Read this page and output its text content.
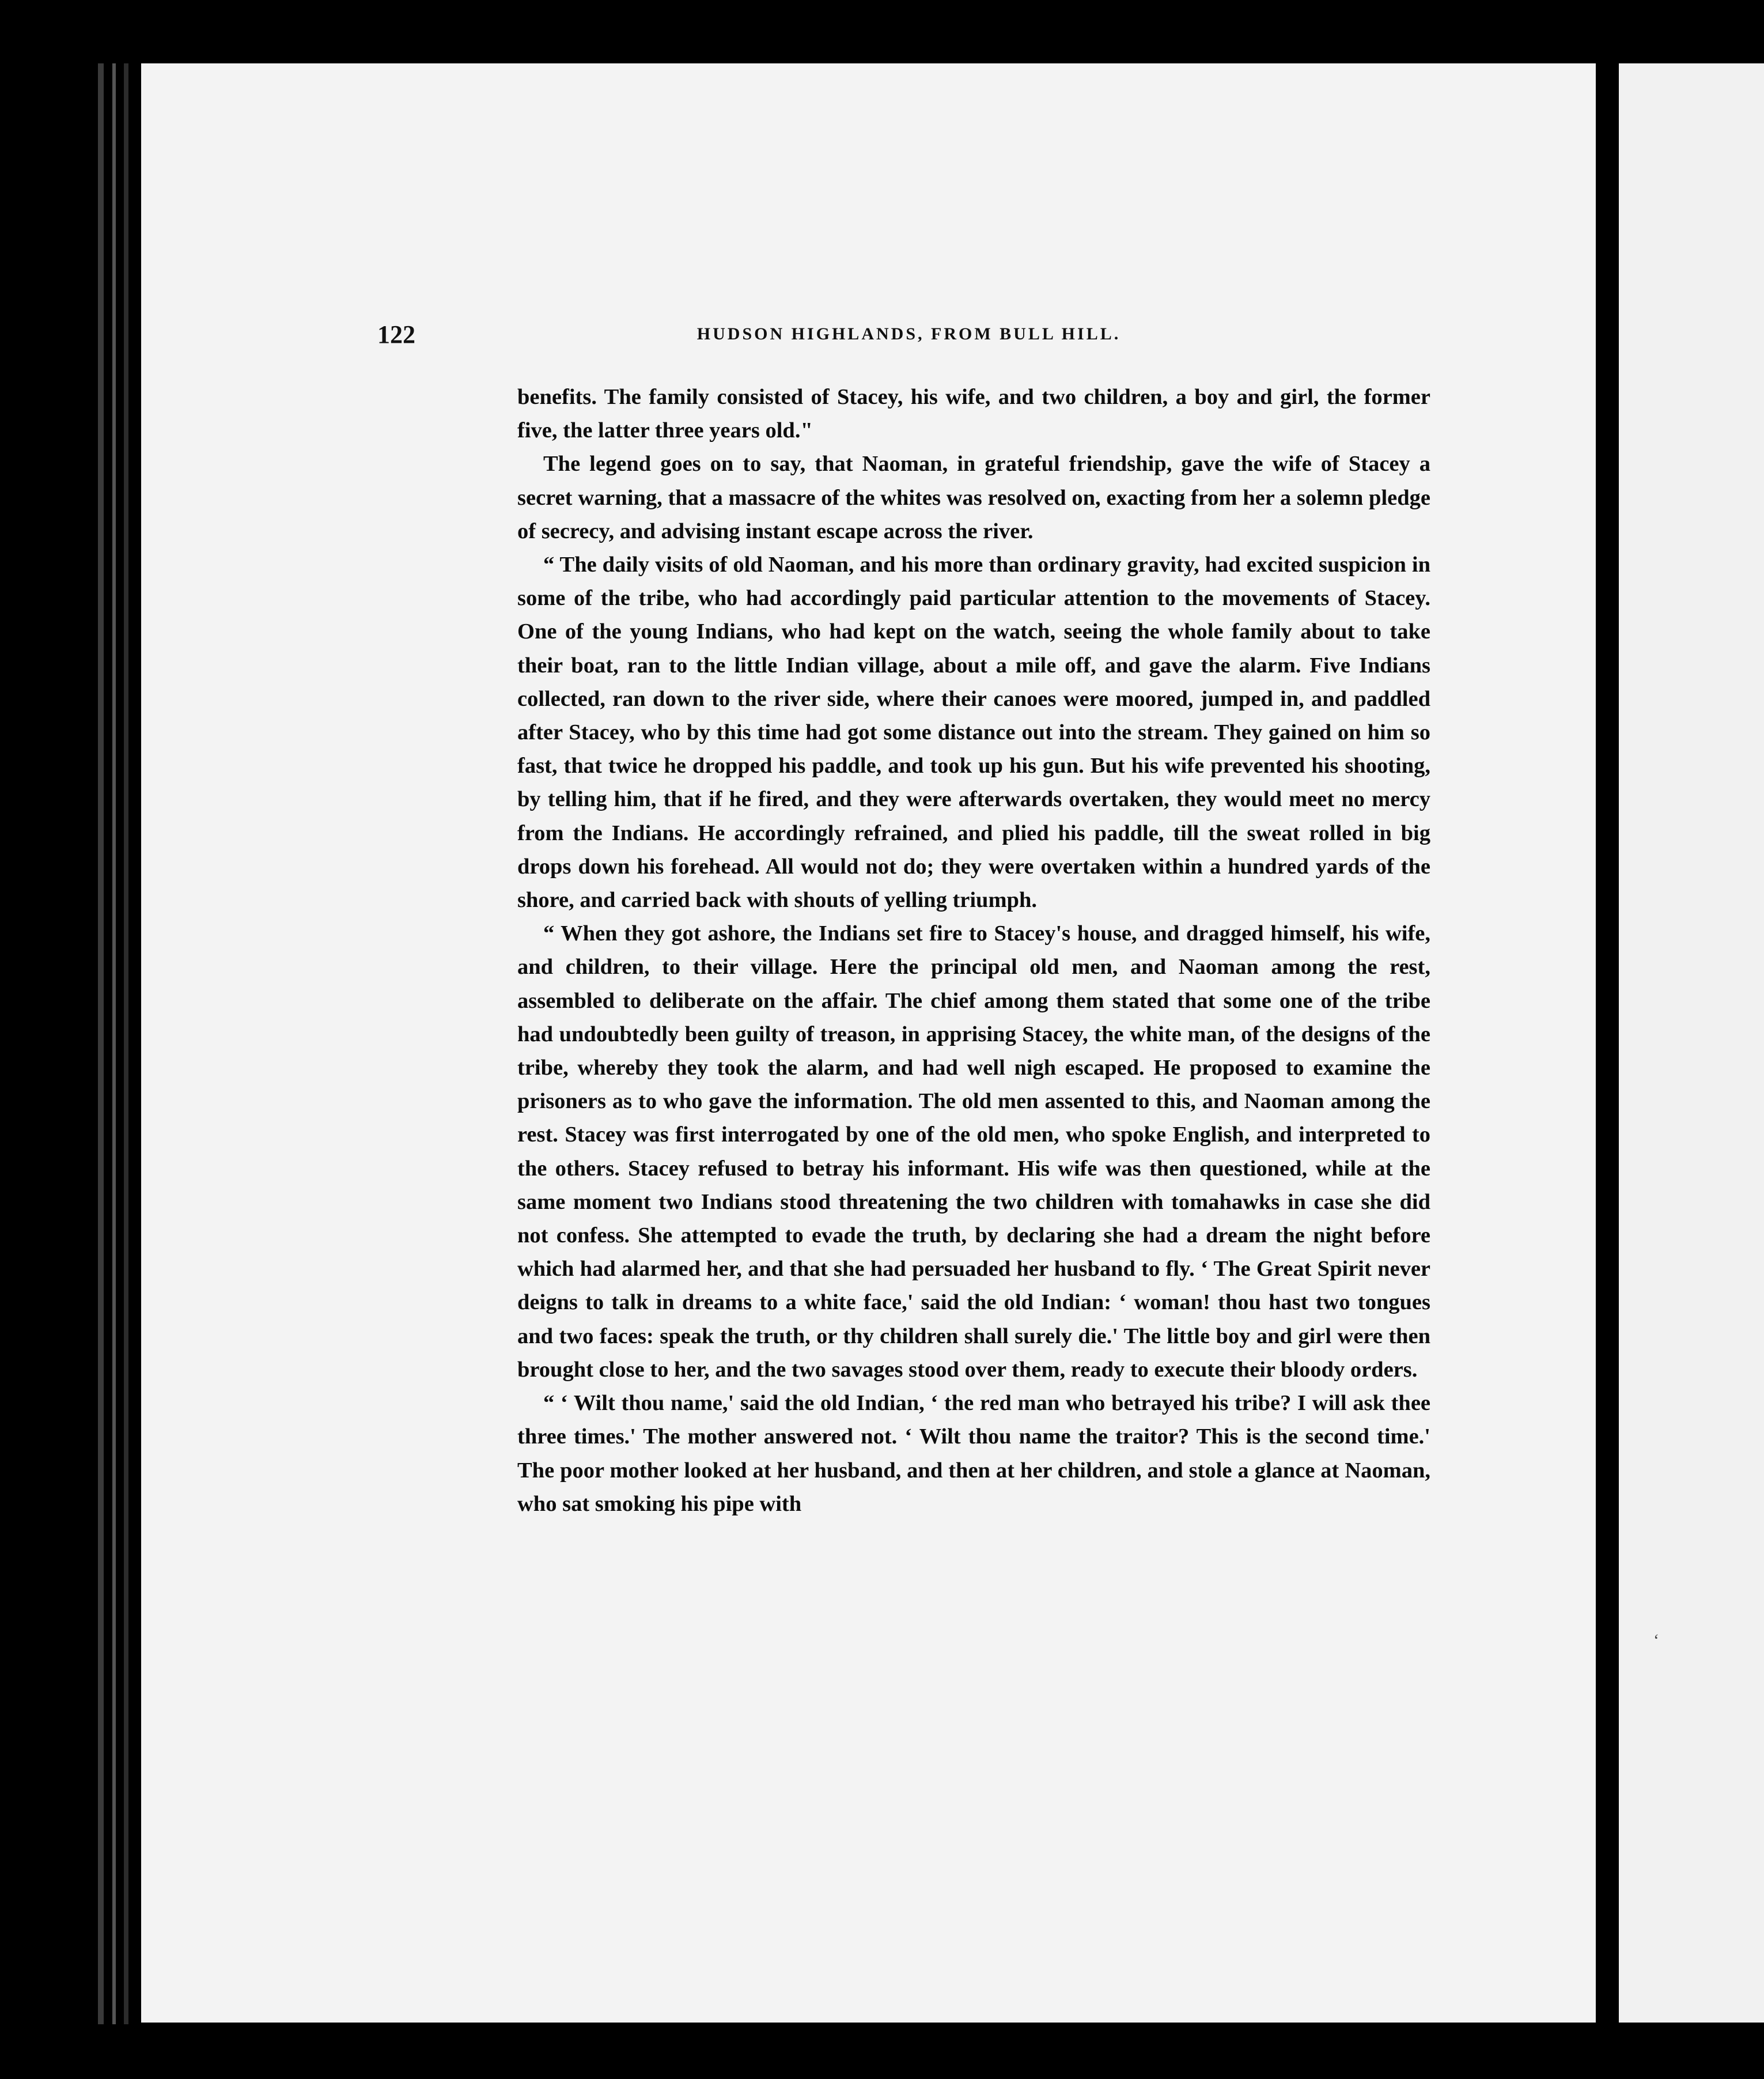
122	HUDSON HIGHLANDS, FROM BULL HILL.

benefits. The family consisted of Stacey, his wife, and two children, a boy and girl, the former five, the latter three years old."

The legend goes on to say, that Naoman, in grateful friendship, gave the wife of Stacey a secret warning, that a massacre of the whites was resolved on, exacting from her a solemn pledge of secrecy, and advising instant escape across the river.

“ The daily visits of old Naoman, and his more than ordinary gravity, had excited suspicion in some of the tribe, who had accordingly paid particular attention to the movements of Stacey. One of the young Indians, who had kept on the watch, seeing the whole family about to take their boat, ran to the little Indian village, about a mile off, and gave the alarm. Five Indians collected, ran down to the river side, where their canoes were moored, jumped in, and paddled after Stacey, who by this time had got some distance out into the stream. They gained on him so fast, that twice he dropped his paddle, and took up his gun. But his wife prevented his shooting, by telling him, that if he fired, and they were afterwards overtaken, they would meet no mercy from the Indians. He accordingly refrained, and plied his paddle, till the sweat rolled in big drops down his forehead. All would not do; they were overtaken within a hundred yards of the shore, and carried back with shouts of yelling triumph.

“ When they got ashore, the Indians set fire to Stacey's house, and dragged himself, his wife, and children, to their village. Here the principal old men, and Naoman among the rest, assembled to deliberate on the affair. The chief among them stated that some one of the tribe had undoubtedly been guilty of treason, in apprising Stacey, the white man, of the designs of the tribe, whereby they took the alarm, and had well nigh escaped. He proposed to examine the prisoners as to who gave the information. The old men assented to this, and Naoman among the rest. Stacey was first interrogated by one of the old men, who spoke English, and interpreted to the others. Stacey refused to betray his informant. His wife was then questioned, while at the same moment two Indians stood threatening the two children with tomahawks in case she did not confess. She attempted to evade the truth, by declaring she had a dream the night before which had alarmed her, and that she had persuaded her husband to fly. ‘ The Great Spirit never deigns to talk in dreams to a white face,' said the old Indian: ‘ woman! thou hast two tongues and two faces: speak the truth, or thy children shall surely die.' The little boy and girl were then brought close to her, and the two savages stood over them, ready to execute their bloody orders.

“ ‘ Wilt thou name,' said the old Indian, ‘ the red man who betrayed his tribe? I will ask thee three times.' The mother answered not. ‘ Wilt thou name the traitor? This is the second time.' The poor mother looked at her husband, and then at her children, and stole a glance at Naoman, who sat smoking his pipe with

ʻ
